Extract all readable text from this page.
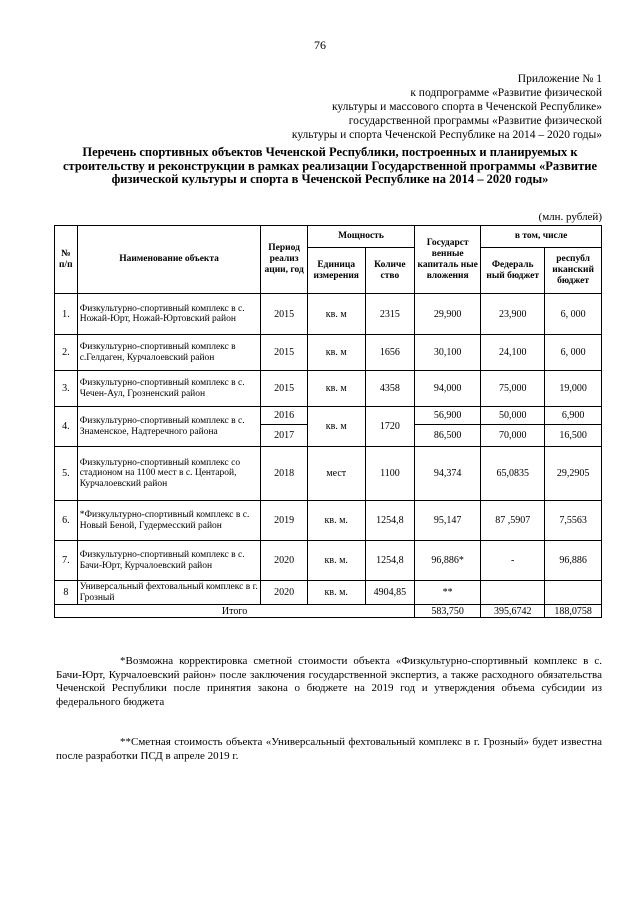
76
Приложение № 1
к подпрограмме «Развитие физической
культуры и массового спорта в Чеченской Республике»
государственной программы «Развитие физической
культуры и спорта Чеченской Республике на 2014 – 2020 годы»
Перечень спортивных объектов Чеченской Республики, построенных и планируемых к строительству и реконструкции в рамках реализации Государственной программы «Развитие физической культуры и спорта в Чеченской Республике на 2014 – 2020 годы»
(млн. рублей)
№ п/п	Наименование объекта	Период реализ ации, год	Мощность		Государст венные капиталь ные вложения	в том, числе	
			Единица измерения	Количе ство		Федераль ный бюджет	республ иканский бюджет

1.	Физкультурно-спортивный комплекс в с. Ножай-Юрт, Ножай-Юртовский район	2015	кв. м	2315	29,900	23,900	6, 000
2.	Физкультурно-спортивный комплекс в с.Гелдаген, Курчалоевский район	2015	кв. м	1656	30,100	24,100	6, 000
3.	Физкультурно-спортивный комплекс в с. Чечен-Аул, Грозненский район	2015	кв. м	4358	94,000	75,000	19,000
4.	Физкультурно-спортивный комплекс в с. Знаменское, Надтеречного района	2016	кв. м	1720	56,900	50,000	6,900
		2017			86,500	70,000	16,500
5.	Физкультурно-спортивный комплекс со стадионом на 1100 мест в с. Центарой, Курчалоевский район	2018	мест	1100	94,374	65,0835	29,2905
6.	*Физкультурно-спортивный комплекс в с. Новый Беной, Гудермесский район	2019	кв. м.	1254,8	95,147	87 ,5907	7,5563
7.	Физкультурно-спортивный комплекс в с. Бачи-Юрт, Курчалоевский район	2020	кв. м.	1254,8	96,886*	-	96,886
8	Универсальный фехтовальный комплекс в г. Грозный	2020	кв. м.	4904,85	**		
Итого					583,750	395,6742	188,0758
*Возможна корректировка сметной стоимости объекта «Физкультурно-спортивный комплекс в с. Бачи-Юрт, Курчалоевский район» после заключения государственной экспертиз, а также расходного обязательства Чеченской Республики после принятия закона о бюджете на 2019 год и утверждения объема субсидии из федерального бюджета
**Сметная стоимость объекта «Универсальный фехтовальный комплекс в г. Грозный» будет известна после разработки ПСД в апреле 2019 г.
